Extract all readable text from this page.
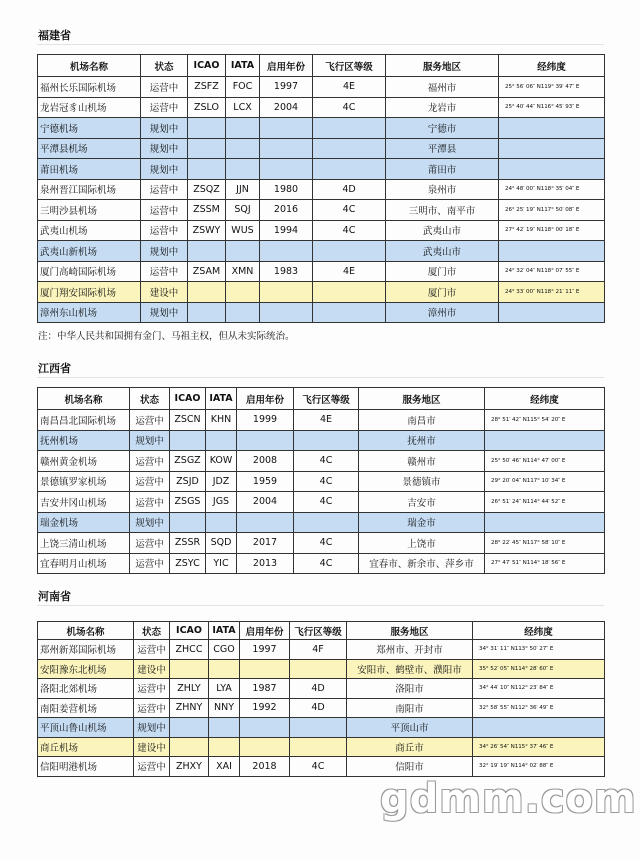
福建省
机场名称	状态	ICAO	IATA	启用年份	飞行区等级	服务地区	经纬度
福州长乐国际机场	运营中	ZSFZ	FOC	1997	4E	福州市	25° 56′ 06″ N119° 39′ 47″ E
龙岩冠豸山机场	运营中	ZSLO	LCX	2004	4C	龙岩市	25° 40′ 44″ N116° 45′ 93″ E
宁德机场	规划中					宁德市	
平潭县机场	规划中					平潭县	
莆田机场	规划中					莆田市	
泉州晋江国际机场	运营中	ZSQZ	JJN	1980	4D	泉州市	24° 48′ 00″ N118° 35′ 04″ E
三明沙县机场	运营中	ZSSM	SQJ	2016	4C	三明市、南平市	26° 25′ 19″ N117° 50′ 08″ E
武夷山机场	运营中	ZSWY	WUS	1994	4C	武夷山市	27° 42′ 19″ N118° 00′ 18″ E
武夷山新机场	规划中					武夷山市	
厦门高崎国际机场	运营中	ZSAM	XMN	1983	4E	厦门市	24° 32′ 04″ N118° 07′ 55″ E
厦门翔安国际机场	建设中					厦门市	24° 33′ 00″ N118° 21′ 11″ E
漳州东山机场	规划中					漳州市	
注：中华人民共和国拥有金门、马祖主权，但从未实际统治。
江西省
机场名称	状态	ICAO	IATA	启用年份	飞行区等级	服务地区	经纬度
南昌昌北国际机场	运营中	ZSCN	KHN	1999	4E	南昌市	28° 51′ 42″ N115° 54′ 20″ E
抚州机场	规划中					抚州市	
赣州黄金机场	运营中	ZSGZ	KOW	2008	4C	赣州市	25° 50′ 46″ N114° 47′ 00″ E
景德镇罗家机场	运营中	ZSJD	JDZ	1959	4C	景德镇市	29° 20′ 04″ N117° 10′ 34″ E
吉安井冈山机场	运营中	ZSGS	JGS	2004	4C	吉安市	26° 51′ 24″ N114° 44′ 52″ E
瑞金机场	规划中					瑞金市	
上饶三清山机场	运营中	ZSSR	SQD	2017	4C	上饶市	28° 22′ 45″ N117° 58′ 10″ E
宜春明月山机场	运营中	ZSYC	YIC	2013	4C	宜春市、新余市、萍乡市	27° 47′ 51″ N114° 18′ 56″ E
河南省
机场名称	状态	ICAO	IATA	启用年份	飞行区等级	服务地区	经纬度
郑州新郑国际机场	运营中	ZHCC	CGO	1997	4F	郑州市、开封市	34° 31′ 11″ N113° 50′ 27″ E
安阳豫东北机场	建设中					安阳市、鹤壁市、濮阳市	35° 52′ 05″ N114° 28′ 60″ E
洛阳北郊机场	运营中	ZHLY	LYA	1987	4D	洛阳市	34° 44′ 10″ N112° 23′ 84″ E
南阳姜营机场	运营中	ZHNY	NNY	1992	4D	南阳市	32° 58′ 55″ N112° 36′ 49″ E
平顶山鲁山机场	规划中					平顶山市	
商丘机场	建设中					商丘市	34° 26′ 54″ N115° 37′ 46″ E
信阳明港机场	运营中	ZHXY	XAI	2018	4C	信阳市	32° 19′ 19″ N114° 02′ 88″ E
gdmm.com
